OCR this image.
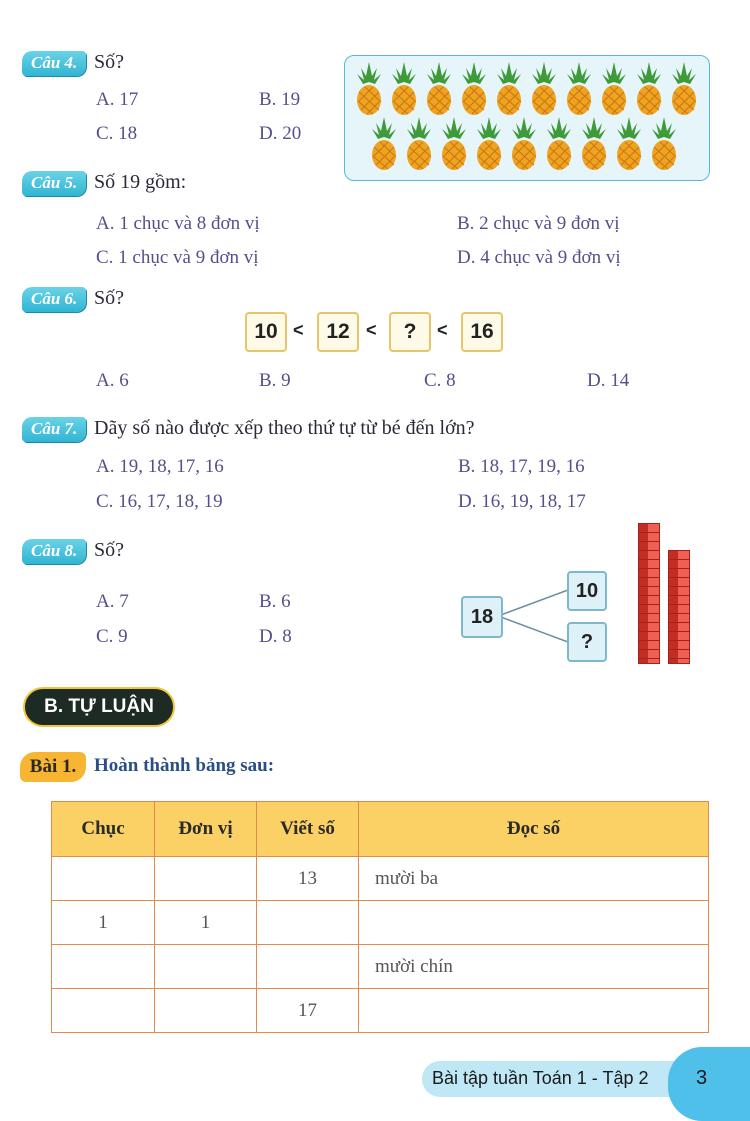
Câu 4. Số?
A. 17	B. 19
C. 18	D. 20
Câu 5. Số 19 gồm:
A. 1 chục và 8 đơn vị	B. 2 chục và 9 đơn vị
C. 1 chục và 9 đơn vị	D. 4 chục và 9 đơn vị
Câu 6. Số?
10 <	12 <	?	<	16
A. 6	B. 9	C. 8	D. 14
Câu 7. Dãy số nào được xếp theo thứ tự từ bé đến lớn?
A. 19, 18, 17, 16	B. 18, 17, 19, 16
C. 16, 17, 18, 19	D. 16, 19, 18, 17
Câu 8. Số?
A. 7	B. 6
C. 9	D. 8
18
10
?
B. TỰ LUẬN
Bài 1. Hoàn thành bảng sau:
Chục	Đơn vị	Viết số	Đọc số
		13	mười ba
1	1		
			mười chín
		17	
Bài tập tuần Toán 1 - Tập 2 3
